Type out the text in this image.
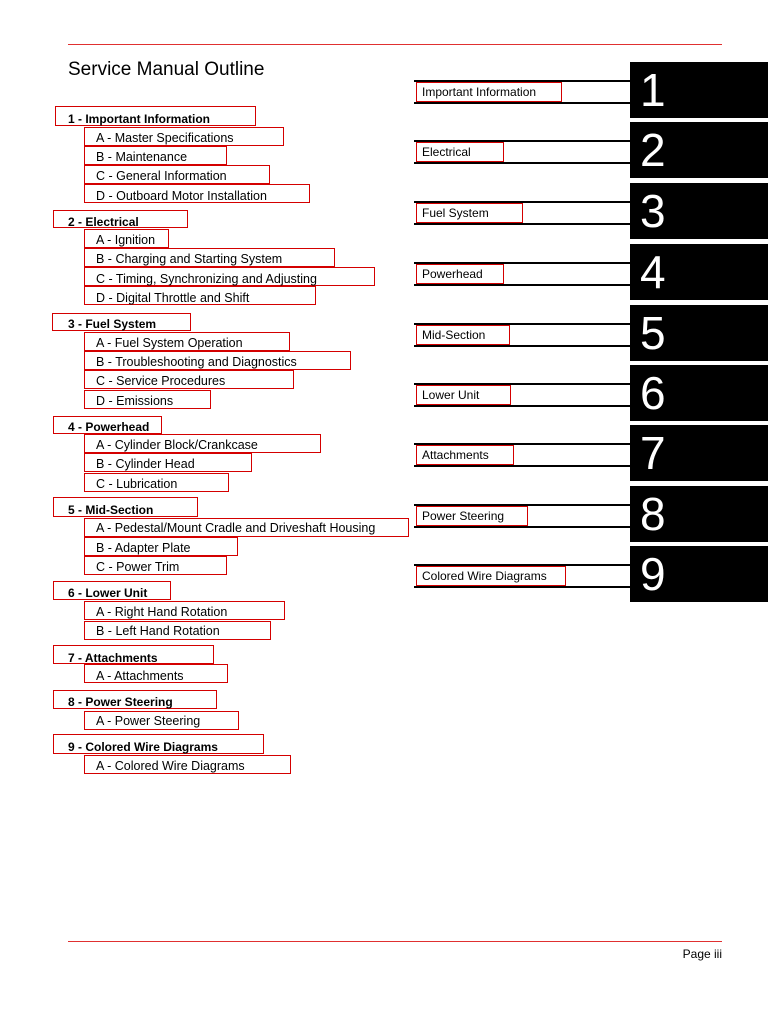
Service Manual Outline
1 - Important Information
A - Master Specifications
B - Maintenance
C - General Information
D - Outboard Motor Installation
2 - Electrical
A - Ignition
B - Charging and Starting System
C - Timing, Synchronizing and Adjusting
D - Digital Throttle and Shift
3 - Fuel System
A - Fuel System Operation
B - Troubleshooting and Diagnostics
C - Service Procedures
D - Emissions
4 - Powerhead
A - Cylinder Block/Crankcase
B - Cylinder Head
C - Lubrication
5 - Mid-Section
A - Pedestal/Mount Cradle and Driveshaft Housing
B - Adapter Plate
C - Power Trim
6 - Lower Unit
A - Right Hand Rotation
B - Left Hand Rotation
7 - Attachments
A - Attachments
8 - Power Steering
A - Power Steering
9 - Colored Wire Diagrams
A - Colored Wire Diagrams
Important Information 1
Electrical	2
Fuel System	3
Powerhead	4
Mid-Section	5
Lower Unit	6
Attachments	7
Power Steering	8
Colored Wire Diagrams 9
Page iii
